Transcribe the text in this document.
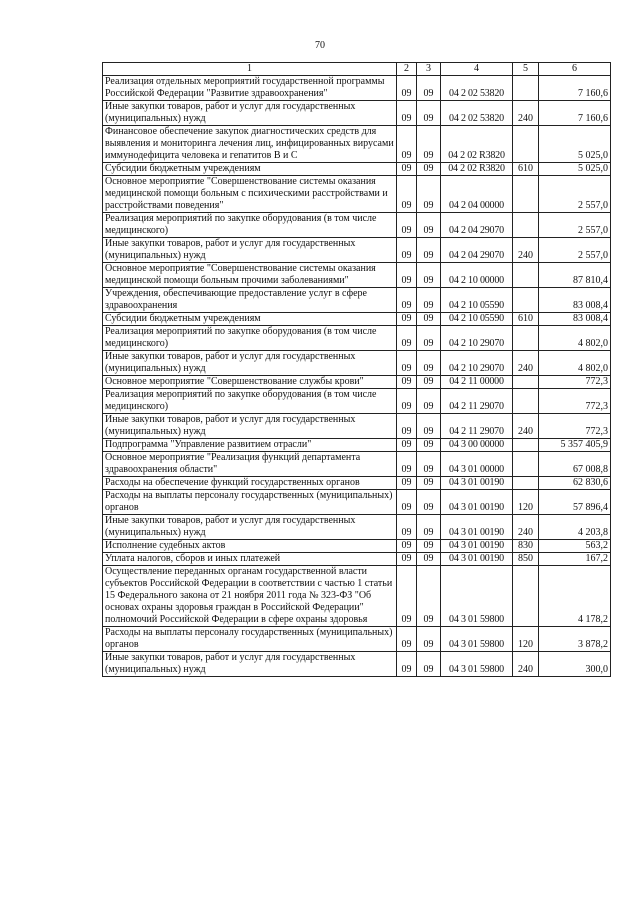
70
1	2	3	4	5	6
Реализация отдельных мероприятий государственной программы Российской Федерации "Развитие здравоохранения"	09	09	04 2 02 53820		7 160,6
Иные закупки товаров, работ и услуг для государственных (муниципальных) нужд	09	09	04 2 02 53820	240	7 160,6
Финансовое обеспечение закупок диагностических средств для выявления и мониторинга лечения лиц, инфицированных вирусами иммунодефицита человека и гепатитов В и С	09	09	04 2 02 R3820		5 025,0
Субсидии бюджетным учреждениям	09	09	04 2 02 R3820	610	5 025,0
Основное мероприятие "Совершенствование системы оказания медицинской помощи больным с психическими расстройствами и расстройствами поведения"	09	09	04 2 04 00000		2 557,0
Реализация мероприятий по закупке оборудования (в том числе медицинского)	09	09	04 2 04 29070		2 557,0
Иные закупки товаров, работ и услуг для государственных (муниципальных) нужд	09	09	04 2 04 29070	240	2 557,0
Основное мероприятие "Совершенствование системы оказания медицинской помощи больным прочими заболеваниями"	09	09	04 2 10 00000		87 810,4
Учреждения, обеспечивающие предоставление услуг в сфере здравоохранения	09	09	04 2 10 05590		83 008,4
Субсидии бюджетным учреждениям	09	09	04 2 10 05590	610	83 008,4
Реализация мероприятий по закупке оборудования (в том числе медицинского)	09	09	04 2 10 29070		4 802,0
Иные закупки товаров, работ и услуг для государственных (муниципальных) нужд	09	09	04 2 10 29070	240	4 802,0
Основное мероприятие "Совершенствование службы крови"	09	09	04 2 11 00000		772,3
Реализация мероприятий по закупке оборудования (в том числе медицинского)	09	09	04 2 11 29070		772,3
Иные закупки товаров, работ и услуг для государственных (муниципальных) нужд	09	09	04 2 11 29070	240	772,3
Подпрограмма "Управление развитием отрасли"	09	09	04 3 00 00000		5 357 405,9
Основное мероприятие "Реализация функций департамента здравоохранения области"	09	09	04 3 01 00000		67 008,8
Расходы на обеспечение функций государственных органов	09	09	04 3 01 00190		62 830,6
Расходы на выплаты персоналу государственных (муниципальных) органов	09	09	04 3 01 00190	120	57 896,4
Иные закупки товаров, работ и услуг для государственных (муниципальных) нужд	09	09	04 3 01 00190	240	4 203,8
Исполнение судебных актов	09	09	04 3 01 00190	830	563,2
Уплата налогов, сборов и иных платежей	09	09	04 3 01 00190	850	167,2
Осуществление переданных органам государственной власти субъектов Российской Федерации в соответствии с частью 1 статьи 15 Федерального закона от 21 ноября 2011 года № 323-ФЗ "Об основах охраны здоровья граждан в Российской Федерации" полномочий Российской Федерации в сфере охраны здоровья	09	09	04 3 01 59800		4 178,2
Расходы на выплаты персоналу государственных (муниципальных) органов	09	09	04 3 01 59800	120	3 878,2
Иные закупки товаров, работ и услуг для государственных (муниципальных) нужд	09	09	04 3 01 59800	240	300,0
